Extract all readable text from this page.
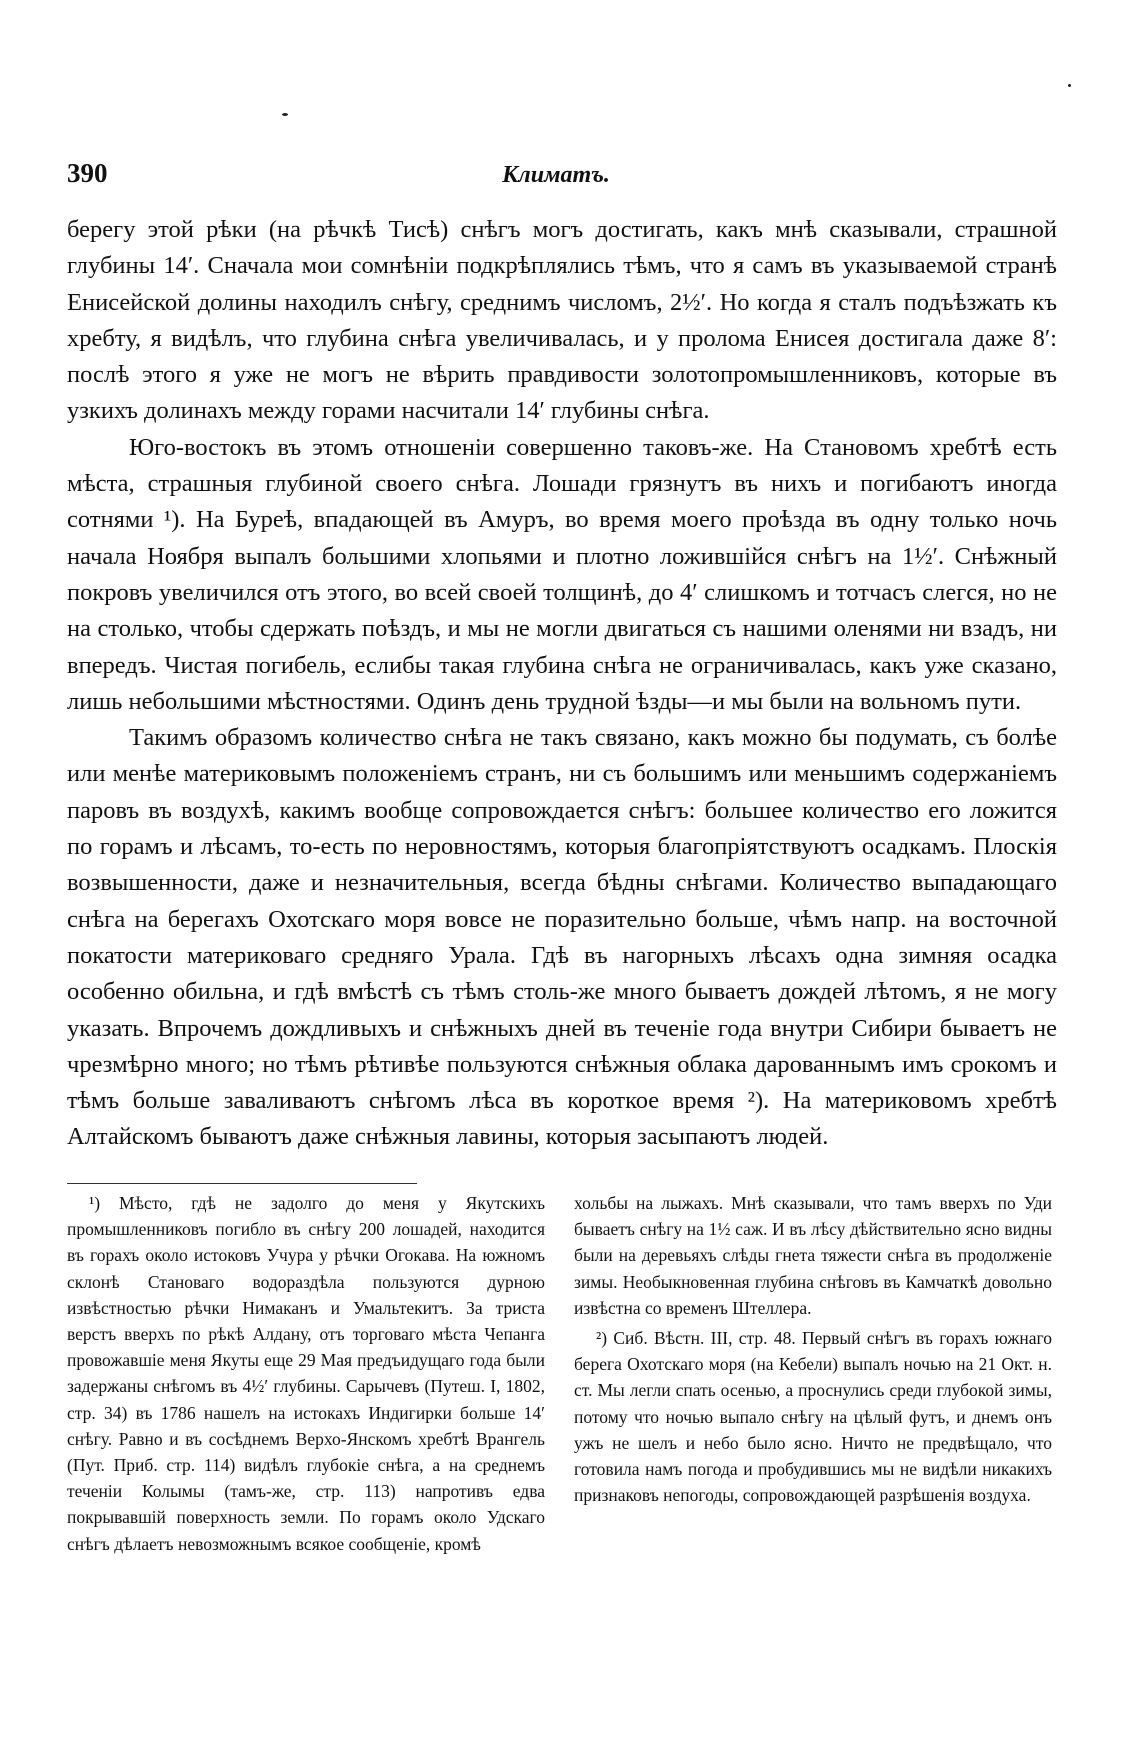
390	Климатъ.

берегу этой рѣки (на рѣчкѣ Тисѣ) снѣгъ могъ достигать, какъ мнѣ сказывали, страшной глубины 14′. Сначала мои сомнѣнiи подкрѣплялись тѣмъ, что я самъ въ указываемой странѣ Енисейской долины находилъ снѣгу, среднимъ числомъ, 2½′. Но когда я сталъ подъѣзжать къ хребту, я видѣлъ, что глубина снѣга увеличивалась, и у пролома Енисея достигала даже 8′: послѣ этого я уже не могъ не вѣрить правдивости золотопромышленниковъ, которые въ узкихъ долинахъ между горами насчитали 14′ глубины снѣга.

Юго-востокъ въ этомъ отношенiи совершенно таковъ-же. На Становомъ хребтѣ есть мѣста, страшныя глубиной своего снѣга. Лошади грязнутъ въ нихъ и погибаютъ иногда сотнями ¹). На Буреѣ, впадающей въ Амуръ, во время моего проѣзда въ одну только ночь начала Ноября выпалъ большими хлопьями и плотно ложившiйся снѣгъ на 1½′. Снѣжный покровъ увеличился отъ этого, во всей своей толщинѣ, до 4′ слишкомъ и тотчасъ слегся, но не на столько, чтобы сдержать поѣздъ, и мы не могли двигаться съ нашими оленями ни взадъ, ни впередъ. Чистая погибель, еслибы такая глубина снѣга не ограничивалась, какъ уже сказано, лишь небольшими мѣстностями. Одинъ день трудной ѣзды—и мы были на вольномъ пути.

Такимъ образомъ количество снѣга не такъ связано, какъ можно бы подумать, съ болѣе или менѣе материковымъ положенiемъ странъ, ни съ большимъ или меньшимъ содержанiемъ паровъ въ воздухѣ, какимъ вообще сопровождается снѣгъ: большее количество его ложится по горамъ и лѣсамъ, то-есть по неровностямъ, которыя благопрiятствуютъ осадкамъ. Плоскiя возвышенности, даже и незначительныя, всегда бѣдны снѣгами. Количество выпадающаго снѣга на берегахъ Охотскаго моря вовсе не поразительно больше, чѣмъ напр. на восточной покатости материковаго средняго Урала. Гдѣ въ нагорныхъ лѣсахъ одна зимняя осадка особенно обильна, и гдѣ вмѣстѣ съ тѣмъ столь-же много бываетъ дождей лѣтомъ, я не могу указать. Впрочемъ дождливыхъ и снѣжныхъ дней въ теченiе года внутри Сибири бываетъ не чрезмѣрно много; но тѣмъ рѣтивѣе пользуются снѣжныя облака дарованнымъ имъ срокомъ и тѣмъ больше заваливаютъ снѣгомъ лѣса въ короткое время ²). На материковомъ хребтѣ Алтайскомъ бываютъ даже снѣжныя лавины, которыя засыпаютъ людей.

¹) Мѣсто, гдѣ не задолго до меня у Якутскихъ промышленниковъ погибло въ снѣгу 200 лошадей, находится въ горахъ около истоковъ Учура у рѣчки Огокава. На южномъ склонѣ Становаго водораздѣла пользуются дурною извѣстностью рѣчки Нимаканъ и Умальтекитъ. За триста верстъ вверхъ по рѣкѣ Алдану, отъ торговаго мѣста Чепанга провожавшiе меня Якуты еще 29 Мая предъидущаго года были задержаны снѣгомъ въ 4½′ глубины. Сарычевъ (Путеш. I, 1802, стр. 34) въ 1786 нашелъ на истокахъ Индигирки больше 14′ снѣгу. Равно и въ сосѣднемъ Верхо-Янскомъ хребтѣ Врангель (Пут. Приб. стр. 114) видѣлъ глубокiе снѣга, а на среднемъ теченiи Колымы (тамъ-же, стр. 113) напротивъ едва покрывавшiй поверхность земли. По горамъ около Удскаго снѣгъ дѣлаетъ невозможнымъ всякое сообщенiе, кромѣ

хольбы на лыжахъ. Мнѣ сказывали, что тамъ вверхъ по Уди бываетъ снѣгу на 1½ саж. И въ лѣсу дѣйствительно ясно видны были на деревьяхъ слѣды гнета тяжести снѣга въ продолженiе зимы. Необыкновенная глубина снѣговъ въ Камчаткѣ довольно извѣстна со временъ Штеллера.

²) Сиб. Вѣстн. III, стр. 48. Первый снѣгъ въ горахъ южнаго берега Охотскаго моря (на Кебели) выпалъ ночью на 21 Окт. н. ст. Мы легли спать осенью, а проснулись среди глубокой зимы, потому что ночью выпало снѣгу на цѣлый футъ, и днемъ онъ ужъ не шелъ и небо было ясно. Ничто не предвѣщало, что готовила намъ погода и пробудившись мы не видѣли никакихъ признаковъ непогоды, сопровождающей разрѣшенiя воздуха.
